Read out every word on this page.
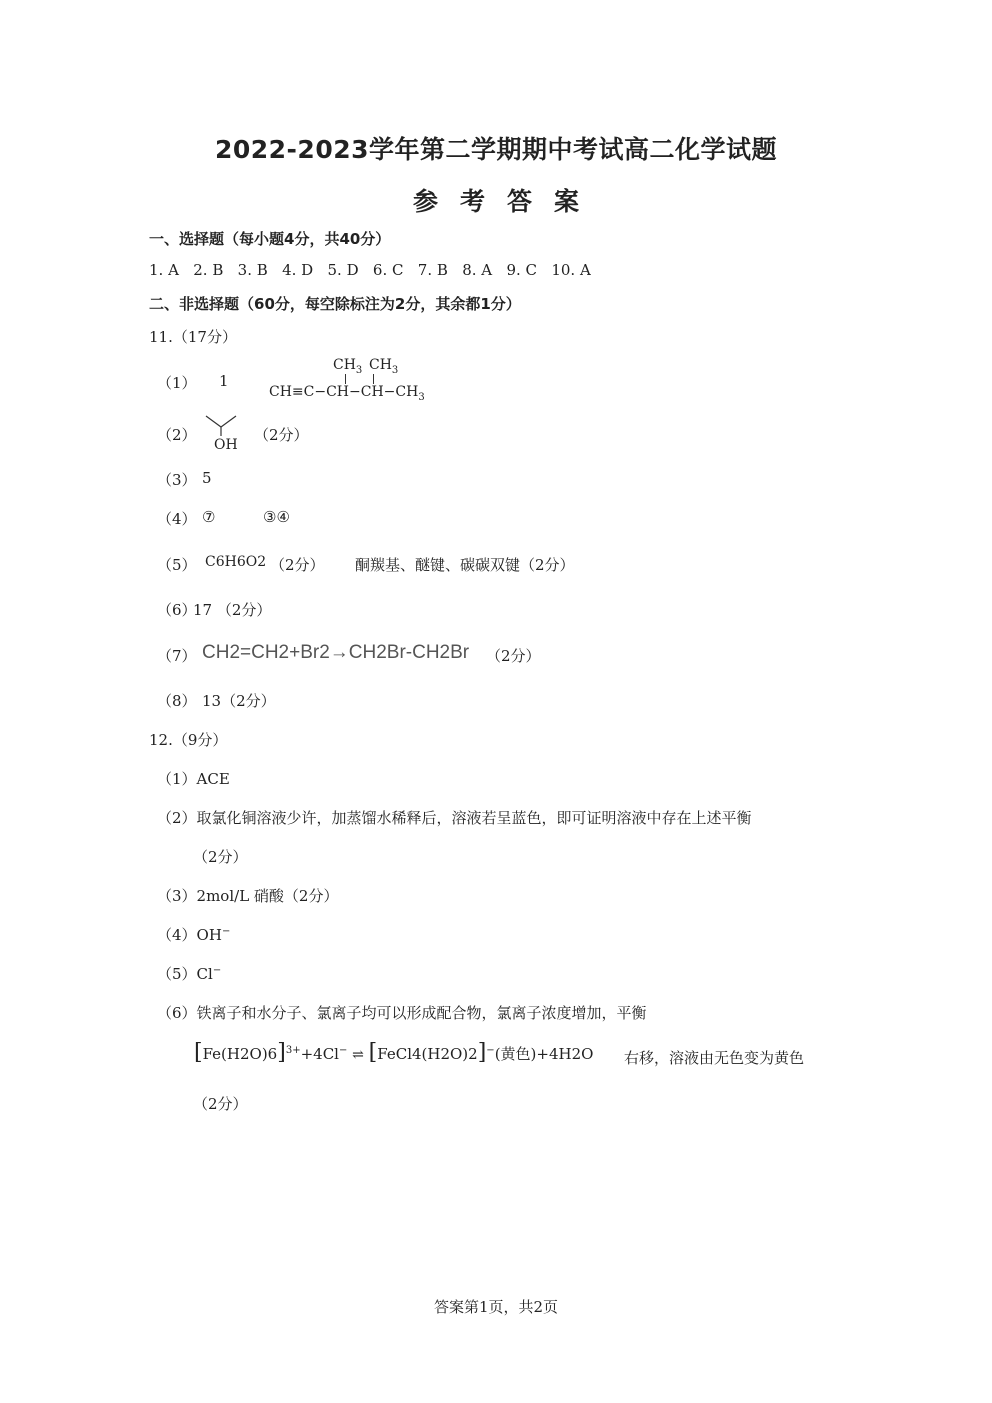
2022-2023学年第二学期期中考试高二化学试题
参考答案
一、选择题（每小题4分，共40分）
1. A 2. B 3. B 4. D 5. D 6. C 7. B 8. A 9. C 10. A
二、非选择题（60分，每空除标注为2分，其余都1分）
11.（17分）
（1） 1
$CH_3$ $CH_3$
$CH\equiv C-CH-CH-CH_3$
（2）
OH
（2分）
（3） 5
（4） ⑦	③④
（5） C6H6O2 （2分） 酮羰基、醚键、碳碳双键（2分）
（6）
17 （2分）
（7） CH2=CH2+Br2→CH2Br-CH2Br （2分）
（8） 13（2分）
12.（9分）
（1）ACE
（2）取氯化铜溶液少许，加蒸馏水稀释后，溶液若呈蓝色，即可证明溶液中存在上述平衡
（2分）
（3）2mol/L 硝酸（2分）
（4）OH−
（5）Cl−
（6）铁离子和水分子、氯离子均可以形成配合物，氯离子浓度增加，平衡
$[Fe(H2O)6]^{3+}+4Cl^-$ ⇌ [FeCl4(H2O)2]−(黄色)+4H2O 右移，溶液由无色变为黄色
（2分）
答案第1页，共2页
